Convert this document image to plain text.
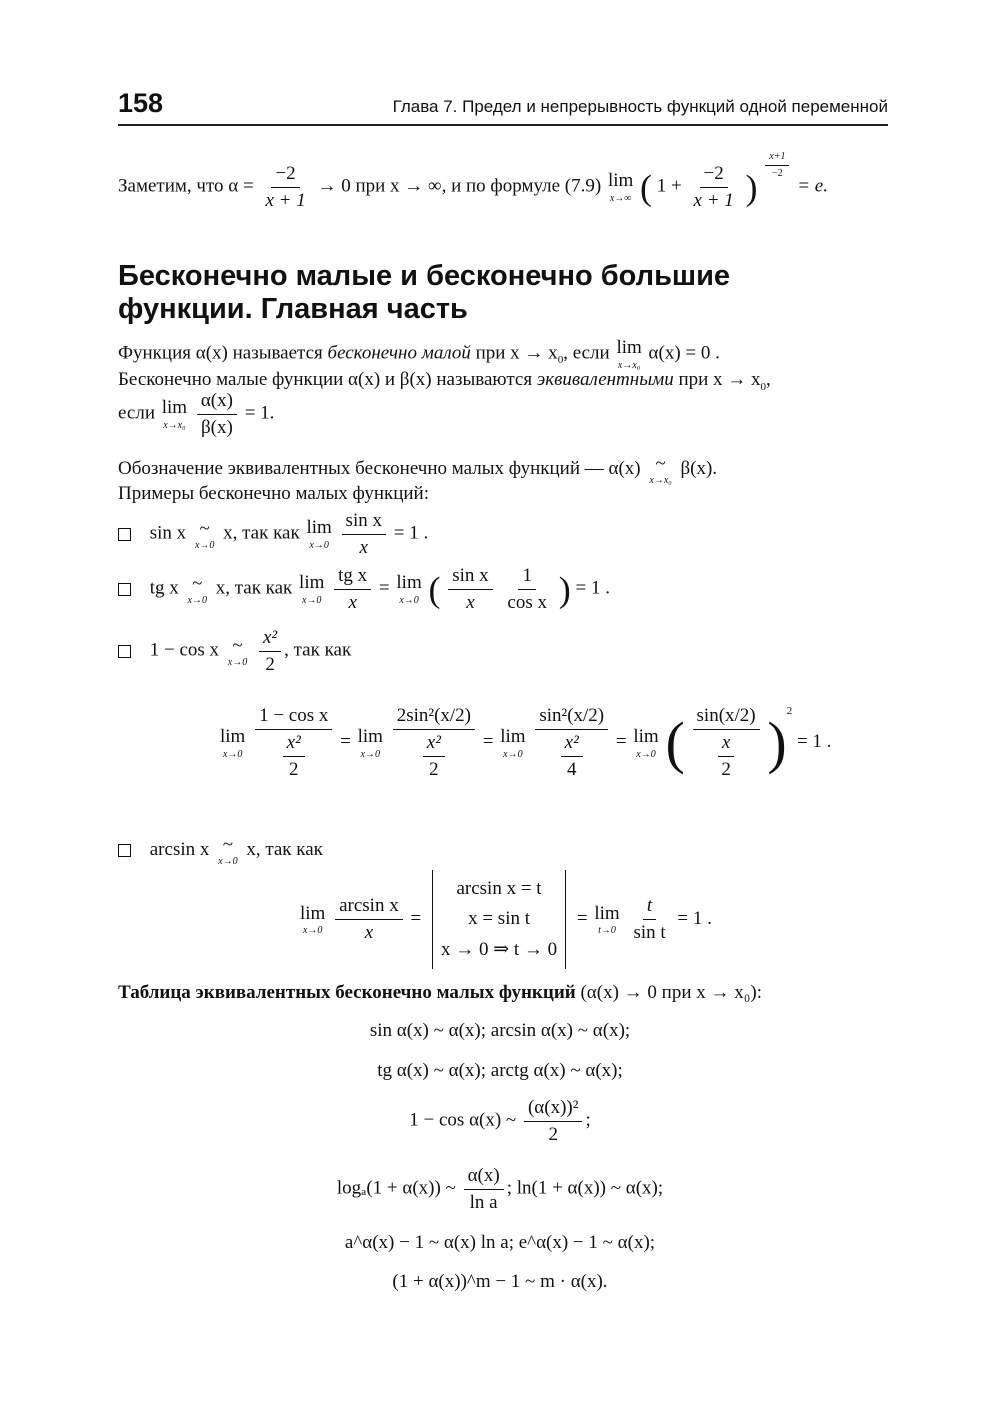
158	Глава 7. Предел и непрерывность функций одной переменной
Заметим, что $\alpha = \frac{-2}{x + 1} \to 0$ при x → ∞, и по формуле (7.9) lim
x→∞ ( $1 + \frac{-2}{x + 1}$ )
$\frac{x+1}{-2}$
= e.
Бесконечно малые и бесконечно большие
функции. Главная часть
Функция α(x) называется бесконечно малой при $x \to x_0$, если lim
x→x₀
α(x) = 0 .
Бесконечно малые функции α(x) и β(x) называются эквивалентными при $x \to x_0$,
если lim
x→x₀
$\frac{\alpha(x)}{\beta(x)} = 1$.
Обозначение эквивалентных бесконечно малых функций — α(x) ~
x→x₀
β(x).
Примеры бесконечно малых функций:
sin x ~
x→0
x, так как lim
x→0
$\frac{\text{sin x}}{x} = 1$ .
tg x ~
x→0
x, так как lim
x→0
$\frac{\text{tg x}}{x} = \lim$
x→0 ( $\frac{\text{sin x}}{x}$
$\frac{1}{\text{cos x}}$ ) = 1 .
1 − cos x ~
x→0
$\frac{\text{x²}}{2}$ , так как
lim
x→0
$\frac{\text{1 − cos x}}{\frac{\text{x²}}{2}} = \lim$
x→0
$\frac{\text{2sin²(x/2)}}{\frac{\text{x²}}{2}} = \lim$
x→0
$\frac{\text{sin²(x/2)}}{\frac{\text{x²}}{4}} = \lim$
x→0 ( $\frac{\sin(x/2)}{\frac{x}{2}} )^2 = 1$ .
arcsin x ~
x→0
x, так как
lim
x→0
$\frac{\text{arcsin x}}{x}$ =
arcsin x = t
x = sin t
x → 0 ⇒ t → 0
= lim
t→0
$\frac{t}{\text{sin t}} = 1$ .
Таблица эквивалентных бесконечно малых функций (α(x) → 0 при x → x₀):
sin α(x) ~ α(x); arcsin α(x) ~ α(x);
tg α(x) ~ α(x); arctg α(x) ~ α(x);
1 − cos α(x) ~ $\frac{\text{(α(x))²}}{2}$ ;
logₐ(1 + α(x)) ~ $\frac{\alpha(x)}{\text{ln a}}$ ; ln(1 + α(x)) ~ α(x);
a^α(x) − 1 ~ α(x) ln a; e^α(x) − 1 ~ α(x);
(1 + α(x))^m − 1 ~ m · α(x).
